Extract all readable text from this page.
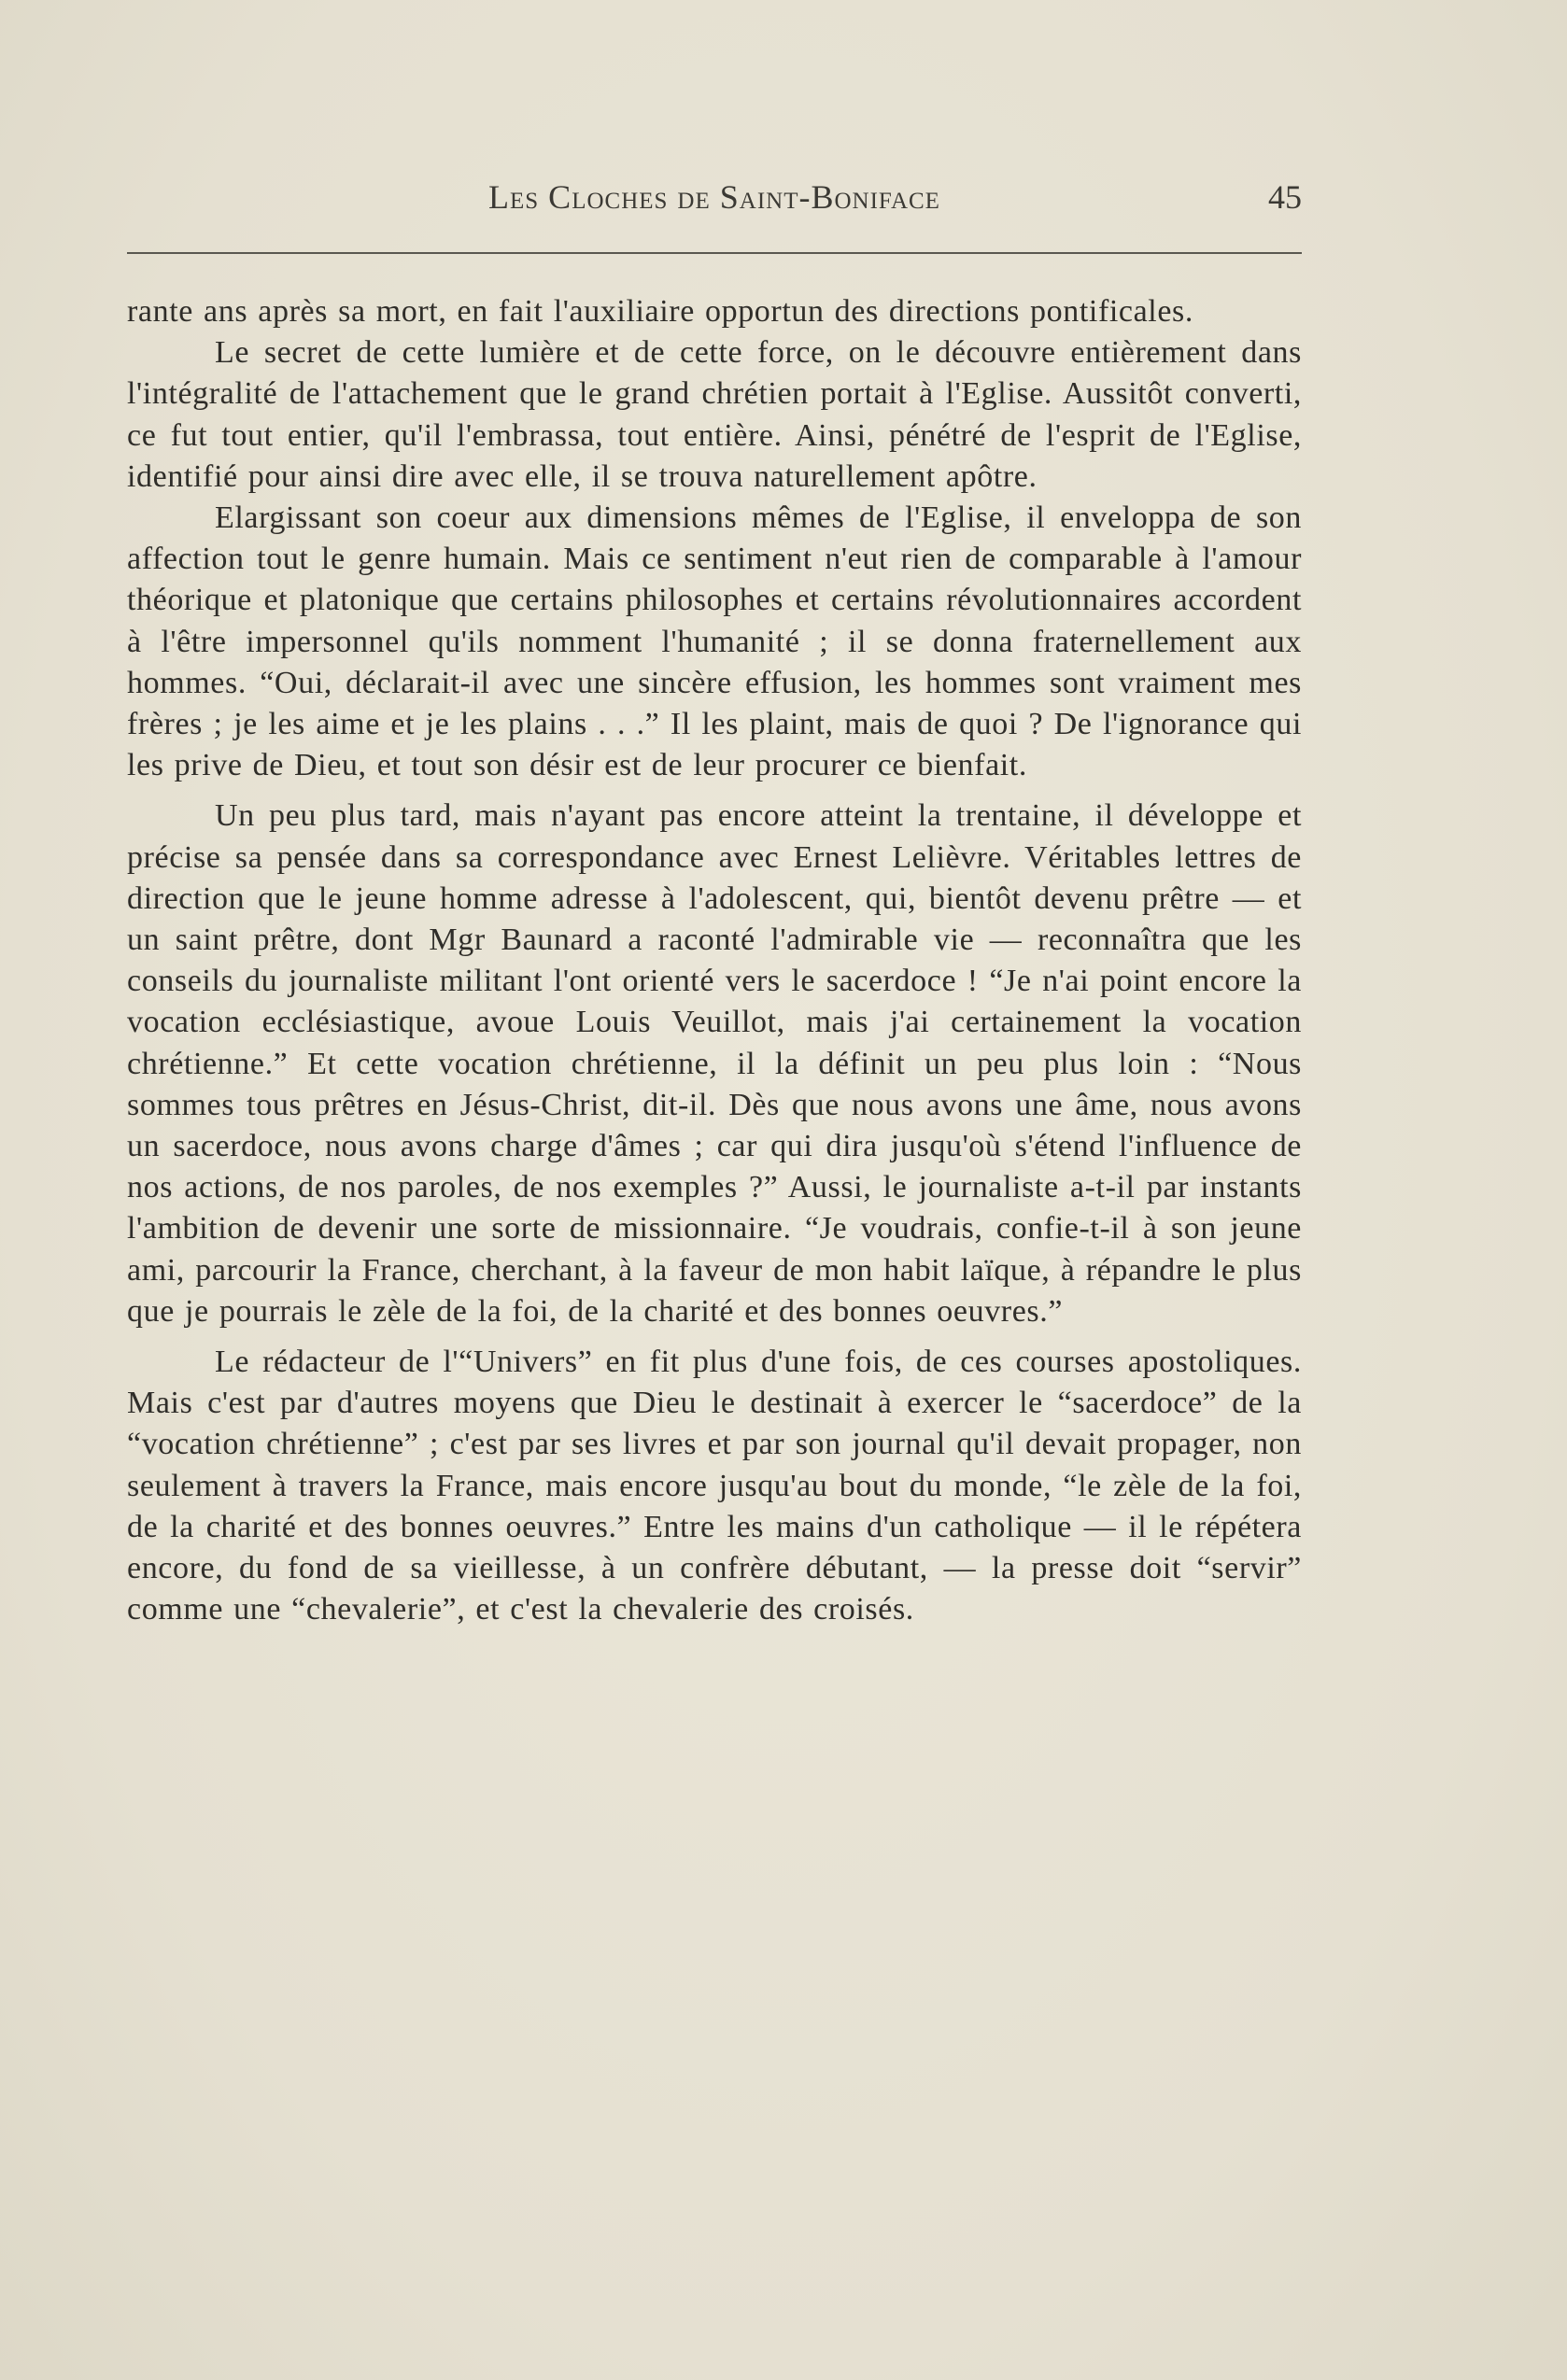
Les Cloches de Saint-Boniface	45

rante ans après sa mort, en fait l'auxiliaire opportun des directions pontificales.

Le secret de cette lumière et de cette force, on le découvre entièrement dans l'intégralité de l'attachement que le grand chrétien portait à l'Eglise. Aussitôt converti, ce fut tout entier, qu'il l'embrassa, tout entière. Ainsi, pénétré de l'esprit de l'Eglise, identifié pour ainsi dire avec elle, il se trouva naturellement apôtre.

Elargissant son coeur aux dimensions mêmes de l'Eglise, il enveloppa de son affection tout le genre humain. Mais ce sentiment n'eut rien de comparable à l'amour théorique et platonique que certains philosophes et certains révolutionnaires accordent à l'être impersonnel qu'ils nomment l'humanité ; il se donna fraternellement aux hommes. “Oui, déclarait-il avec une sincère effusion, les hommes sont vraiment mes frères ; je les aime et je les plains . . .” Il les plaint, mais de quoi ? De l'ignorance qui les prive de Dieu, et tout son désir est de leur procurer ce bienfait.

Un peu plus tard, mais n'ayant pas encore atteint la trentaine, il développe et précise sa pensée dans sa correspondance avec Ernest Lelièvre. Véritables lettres de direction que le jeune homme adresse à l'adolescent, qui, bientôt devenu prêtre — et un saint prêtre, dont Mgr Baunard a raconté l'admirable vie — reconnaîtra que les conseils du journaliste militant l'ont orienté vers le sacerdoce ! “Je n'ai point encore la vocation ecclésiastique, avoue Louis Veuillot, mais j'ai certainement la vocation chrétienne.” Et cette vocation chrétienne, il la définit un peu plus loin : “Nous sommes tous prêtres en Jésus-Christ, dit-il. Dès que nous avons une âme, nous avons un sacerdoce, nous avons charge d'âmes ; car qui dira jusqu'où s'étend l'influence de nos actions, de nos paroles, de nos exemples ?” Aussi, le journaliste a-t-il par instants l'ambition de devenir une sorte de missionnaire. “Je voudrais, confie-t-il à son jeune ami, parcourir la France, cherchant, à la faveur de mon habit laïque, à répandre le plus que je pourrais le zèle de la foi, de la charité et des bonnes oeuvres.”

Le rédacteur de l'“Univers” en fit plus d'une fois, de ces courses apostoliques. Mais c'est par d'autres moyens que Dieu le destinait à exercer le “sacerdoce” de la “vocation chrétienne” ; c'est par ses livres et par son journal qu'il devait propager, non seulement à travers la France, mais encore jusqu'au bout du monde, “le zèle de la foi, de la charité et des bonnes oeuvres.” Entre les mains d'un catholique — il le répétera encore, du fond de sa vieillesse, à un confrère débutant, — la presse doit “servir” comme une “chevalerie”, et c'est la chevalerie des croisés.
